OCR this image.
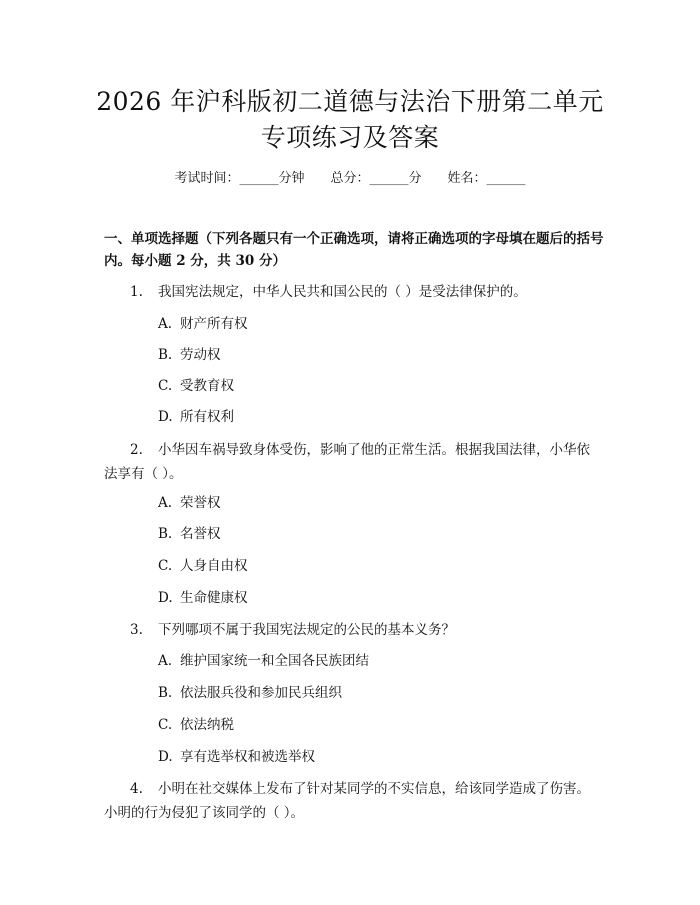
2026 年沪科版初二道德与法治下册第二单元
专项练习及答案
考试时间：______分钟 总分：______分 姓名：______
一、单项选择题（下列各题只有一个正确选项，请将正确选项的字母填在题后的括号内。每小题 2 分，共 30 分）
1. 我国宪法规定，中华人民共和国公民的（ ）是受法律保护的。
A. 财产所有权
B. 劳动权
C. 受教育权
D. 所有权利
2. 小华因车祸导致身体受伤，影响了他的正常生活。根据我国法律，小华依
法享有（ ）。
A. 荣誉权
B. 名誉权
C. 人身自由权
D. 生命健康权
3. 下列哪项不属于我国宪法规定的公民的基本义务？
A. 维护国家统一和全国各民族团结
B. 依法服兵役和参加民兵组织
C. 依法纳税
D. 享有选举权和被选举权
4. 小明在社交媒体上发布了针对某同学的不实信息，给该同学造成了伤害。
小明的行为侵犯了该同学的（ ）。
